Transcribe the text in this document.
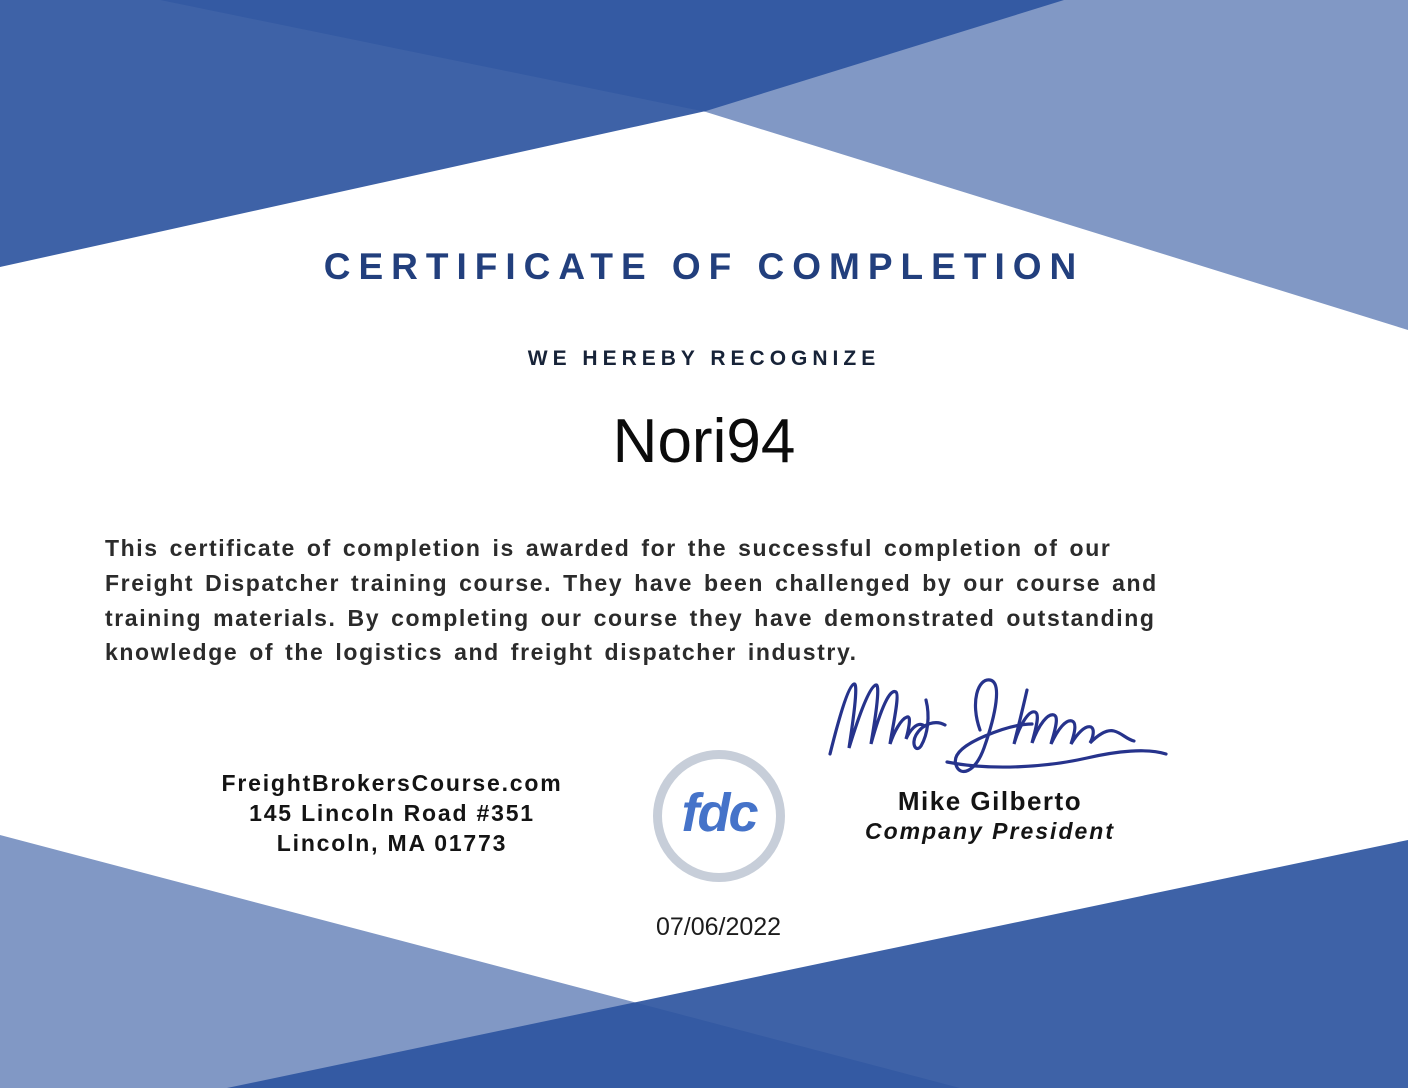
CERTIFICATE OF COMPLETION
WE HEREBY RECOGNIZE
Nori94
This certificate of completion is awarded for the successful completion of our
Freight Dispatcher training course. They have been challenged by our course and
training materials. By completing our course they have demonstrated outstanding
knowledge of the logistics and freight dispatcher industry.
FreightBrokersCourse.com
145 Lincoln Road #351
Lincoln, MA 01773	fdc	Mike Gilberto
Company President
07/06/2022
